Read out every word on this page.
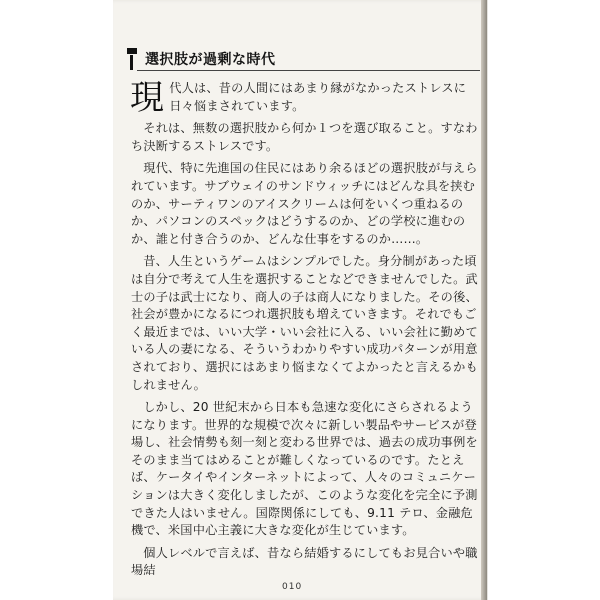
選択肢が過剰な時代

現 代人は、昔の人間にはあまり縁がなかったストレスに日々悩まされています。

それは、無数の選択肢から何か１つを選び取ること。すなわち決断するストレスです。

現代、特に先進国の住民にはあり余るほどの選択肢が与えられています。サブウェイのサンドウィッチにはどんな具を挟むのか、サーティワンのアイスクリームは何をいくつ重ねるのか、パソコンのスペックはどうするのか、どの学校に進むのか、誰と付き合うのか、どんな仕事をするのか……。

昔、人生というゲームはシンプルでした。身分制があった頃は自分で考えて人生を選択することなどできませんでした。武士の子は武士になり、商人の子は商人になりました。その後、社会が豊かになるにつれ選択肢も増えていきます。それでもごく最近までは、いい大学・いい会社に入る、いい会社に勤めている人の妻になる、そういうわかりやすい成功パターンが用意されており、選択にはあまり悩まなくてよかったと言えるかもしれません。

しかし、20 世紀末から日本も急速な変化にさらされるようになります。世界的な規模で次々に新しい製品やサービスが登場し、社会情勢も刻一刻と変わる世界では、過去の成功事例をそのまま当てはめることが難しくなっているのです。たとえば、ケータイやインターネットによって、人々のコミュニケーションは大きく変化しましたが、このような変化を完全に予測できた人はいません。国際関係にしても、9.11 テロ、金融危機で、米国中心主義に大きな変化が生じています。

個人レベルで言えば、昔なら結婚するにしてもお見合いや職場結

010
